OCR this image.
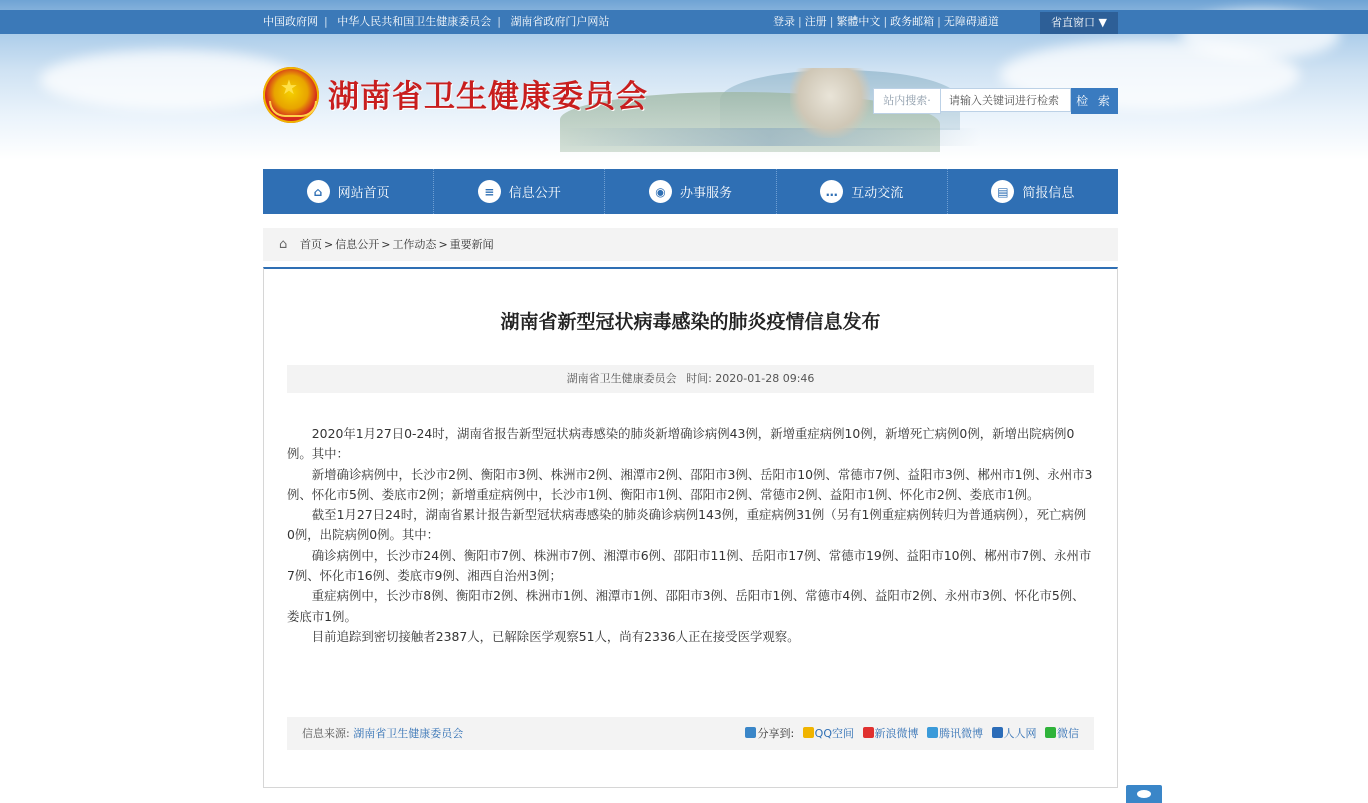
中国政府网 | 中华人民共和国卫生健康委员会 | 湖南省政府门户网站	登录 | 注册 | 繁體中文 | 政务邮箱 | 无障碍通道	省直窗口 ▼
★ 湖南省卫生健康委员会	站内搜索·	请输入关键词进行检索	检 索
⌂	网站首页	≡	信息公开	◉	办事服务	…	互动交流	▤	简报信息
⌂ 首页 > 信息公开 > 工作动态 > 重要新闻
湖南省新型冠状病毒感染的肺炎疫情信息发布
湖南省卫生健康委员会 时间: 2020-01-28 09:46

2020年1月27日0-24时，湖南省报告新型冠状病毒感染的肺炎新增确诊病例43例，新增重症病例10例，新增死亡病例0例，新增出院病例0例。其中：

新增确诊病例中，长沙市2例、衡阳市3例、株洲市2例、湘潭市2例、邵阳市3例、岳阳市10例、常德市7例、益阳市3例、郴州市1例、永州市3例、怀化市5例、娄底市2例；新增重症病例中，长沙市1例、衡阳市1例、邵阳市2例、常德市2例、益阳市1例、怀化市2例、娄底市1例。

截至1月27日24时，湖南省累计报告新型冠状病毒感染的肺炎确诊病例143例，重症病例31例（另有1例重症病例转归为普通病例），死亡病例0例，出院病例0例。其中：

确诊病例中，长沙市24例、衡阳市7例、株洲市7例、湘潭市6例、邵阳市11例、岳阳市17例、常德市19例、益阳市10例、郴州市7例、永州市7例、怀化市16例、娄底市9例、湘西自治州3例；

重症病例中，长沙市8例、衡阳市2例、株洲市1例、湘潭市1例、邵阳市3例、岳阳市1例、常德市4例、益阳市2例、永州市3例、怀化市5例、娄底市1例。

目前追踪到密切接触者2387人，已解除医学观察51人，尚有2336人正在接受医学观察。

信息来源: 湖南省卫生健康委员会	分享到: QQ空间 新浪微博 腾讯微博 人人网 微信
